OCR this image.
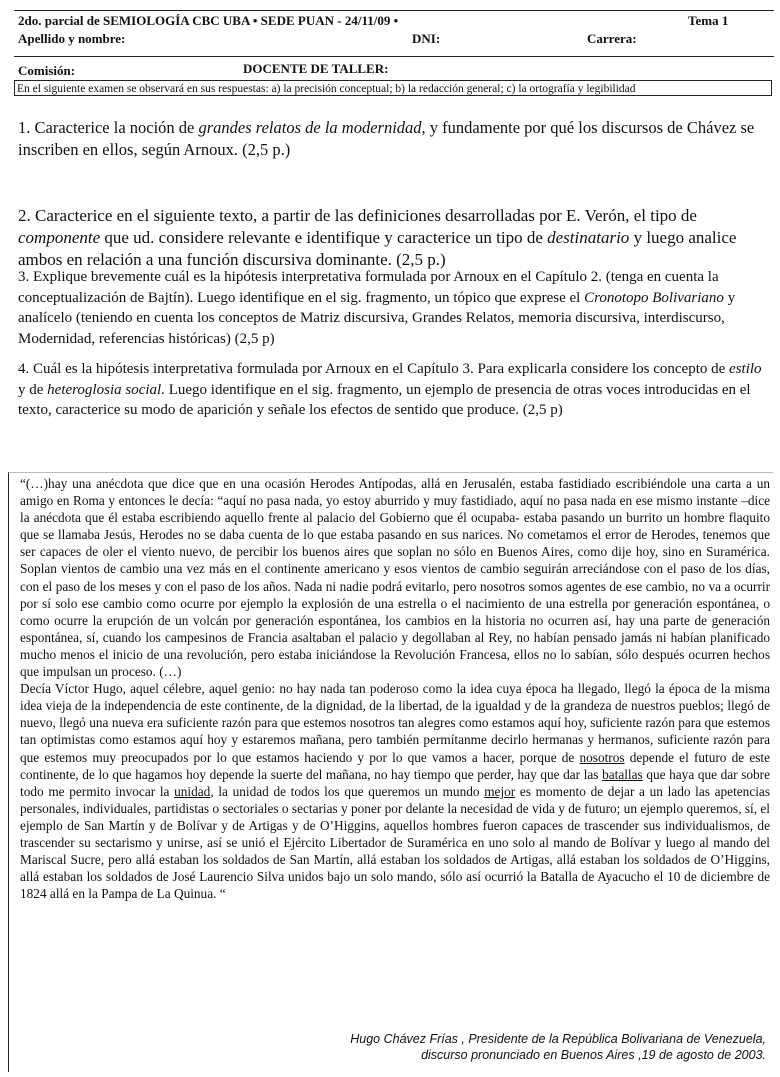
2do. parcial de SEMIOLOGÍA CBC UBA • SEDE PUAN - 24/11/09 •	Tema 1
Apellido y nombre:	DNI:	Carrera:
Comisión:	DOCENTE DE TALLER:
En el siguiente examen se observará en sus respuestas: a) la precisión conceptual; b) la redacción general; c) la ortografía y legibilidad
1. Caracterice la noción de grandes relatos de la modernidad, y fundamente por qué los discursos de Chávez se inscriben en ellos, según Arnoux. (2,5 p.)
2. Caracterice en el siguiente texto, a partir de las definiciones desarrolladas por E. Verón, el tipo de componente que ud. considere relevante e identifique y caracterice un tipo de destinatario y luego analice ambos en relación a una función discursiva dominante. (2,5 p.)
3. Explique brevemente cuál es la hipótesis interpretativa formulada por Arnoux en el Capítulo 2. (tenga en cuenta la conceptualización de Bajtín). Luego identifique en el sig. fragmento, un tópico que exprese el Cronotopo Bolivariano y analícelo (teniendo en cuenta los conceptos de Matriz discursiva, Grandes Relatos, memoria discursiva, interdiscurso, Modernidad, referencias históricas) (2,5 p)
4. Cuál es la hipótesis interpretativa formulada por Arnoux en el Capítulo 3. Para explicarla considere los concepto de estilo y de heteroglosia social. Luego identifique en el sig. fragmento, un ejemplo de presencia de otras voces introducidas en el texto, caracterice su modo de aparición y señale los efectos de sentido que produce. (2,5 p)

“(…)hay una anécdota que dice que en una ocasión Herodes Antípodas, allá en Jerusalén, estaba fastidiado escribiéndole una carta a un amigo en Roma y entonces le decía: “aquí no pasa nada, yo estoy aburrido y muy fastidiado, aquí no pasa nada en ese mismo instante –dice la anécdota que él estaba escribiendo aquello frente al palacio del Gobierno que él ocupaba- estaba pasando un burrito un hombre flaquito que se llamaba Jesús, Herodes no se daba cuenta de lo que estaba pasando en sus narices. No cometamos el error de Herodes, tenemos que ser capaces de oler el viento nuevo, de percibir los buenos aires que soplan no sólo en Buenos Aires, como dije hoy, sino en Suramérica. Soplan vientos de cambio una vez más en el continente americano y esos vientos de cambio seguirán arreciándose con el paso de los días, con el paso de los meses y con el paso de los años. Nada ni nadie podrá evitarlo, pero nosotros somos agentes de ese cambio, no va a ocurrir por sí solo ese cambio como ocurre por ejemplo la explosión de una estrella o el nacimiento de una estrella por generación espontánea, o como ocurre la erupción de un volcán por generación espontánea, los cambios en la historia no ocurren así, hay una parte de generación espontánea, sí, cuando los campesinos de Francia asaltaban el palacio y degollaban al Rey, no habían pensado jamás ni habían planificado mucho menos el inicio de una revolución, pero estaba iniciándose la Revolución Francesa, ellos no lo sabían, sólo después ocurren hechos que impulsan un proceso. (…)

Decía Víctor Hugo, aquel célebre, aquel genio: no hay nada tan poderoso como la idea cuya época ha llegado, llegó la época de la misma idea vieja de la independencia de este continente, de la dignidad, de la libertad, de la igualdad y de la grandeza de nuestros pueblos; llegó de nuevo, llegó una nueva era suficiente razón para que estemos nosotros tan alegres como estamos aquí hoy, suficiente razón para que estemos tan optimistas como estamos aquí hoy y estaremos mañana, pero también permítanme decirlo hermanas y hermanos, suficiente razón para que estemos muy preocupados por lo que estamos haciendo y por lo que vamos a hacer, porque de nosotros depende el futuro de este continente, de lo que hagamos hoy depende la suerte del mañana, no hay tiempo que perder, hay que dar las batallas que haya que dar sobre todo me permito invocar la unidad, la unidad de todos los que queremos un mundo mejor es momento de dejar a un lado las apetencias personales, individuales, partidistas o sectoriales o sectarias y poner por delante la necesidad de vida y de futuro; un ejemplo queremos, sí, el ejemplo de San Martín y de Bolívar y de Artigas y de O’Higgins, aquellos hombres fueron capaces de trascender sus individualismos, de trascender su sectarismo y unirse, así se unió el Ejército Libertador de Suramérica en uno solo al mando de Bolívar y luego al mando del Mariscal Sucre, pero allá estaban los soldados de San Martín, allá estaban los soldados de Artigas, allá estaban los soldados de O’Higgins, allá estaban los soldados de José Laurencio Silva unidos bajo un solo mando, sólo así ocurrió la Batalla de Ayacucho el 10 de diciembre de 1824 allá en la Pampa de La Quinua. “

Hugo Chávez Frías , Presidente de la República Bolivariana de Venezuela,
discurso pronunciado en Buenos Aires ,19 de agosto de 2003.
